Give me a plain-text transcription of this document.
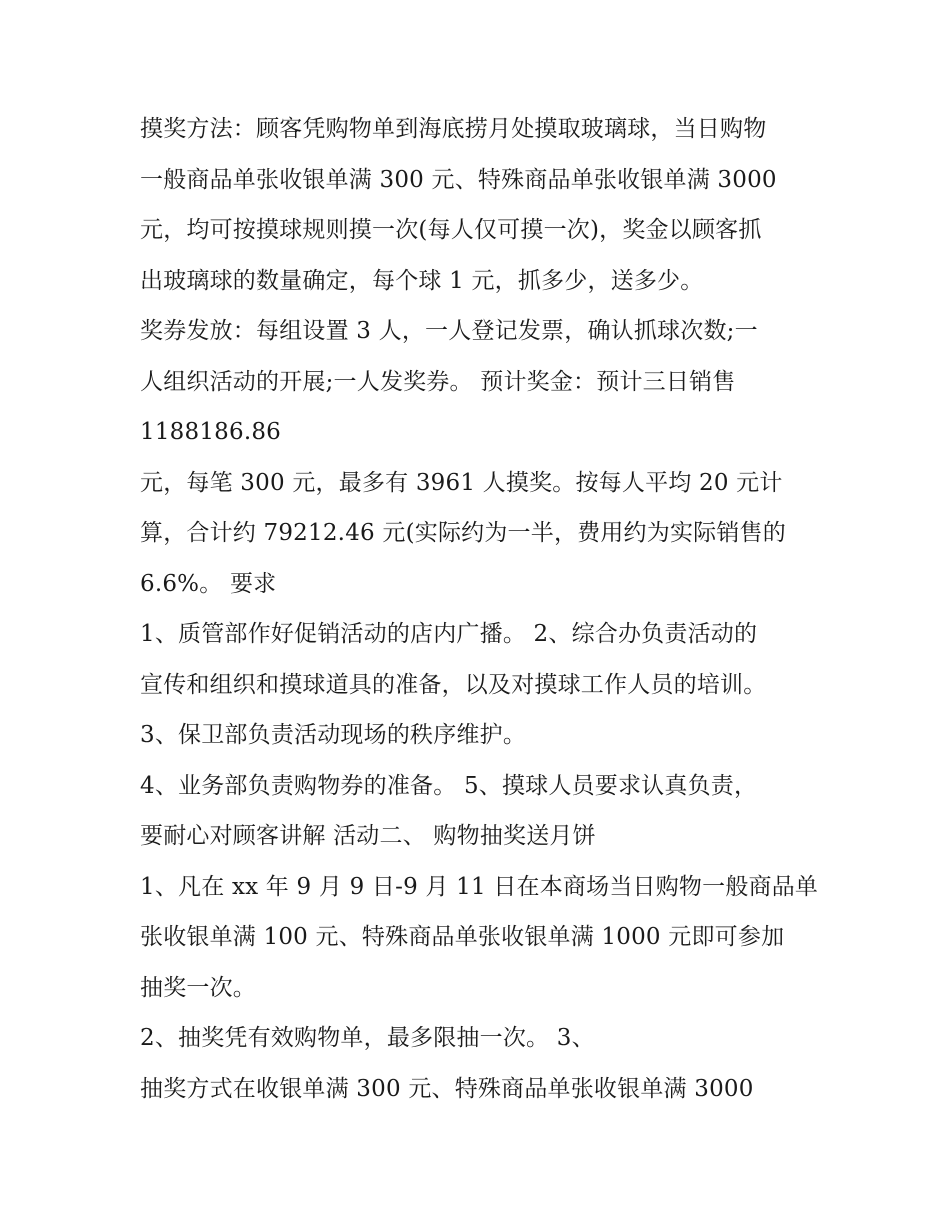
摸奖方法：顾客凭购物单到海底捞月处摸取玻璃球，当日购物
一般商品单张收银单满 300 元、特殊商品单张收银单满 3000
元，均可按摸球规则摸一次(每人仅可摸一次)，奖金以顾客抓
出玻璃球的数量确定，每个球 1 元，抓多少，送多少。
奖券发放：每组设置 3 人，一人登记发票，确认抓球次数;一
人组织活动的开展;一人发奖券。 预计奖金：预计三日销售
1188186.86
元，每笔 300 元，最多有 3961 人摸奖。按每人平均 20 元计
算，合计约 79212.46 元(实际约为一半，费用约为实际销售的
6.6%。 要求
1、质管部作好促销活动的店内广播。 2、综合办负责活动的
宣传和组织和摸球道具的准备，以及对摸球工作人员的培训。
3、保卫部负责活动现场的秩序维护。
4、业务部负责购物券的准备。 5、摸球人员要求认真负责，
要耐心对顾客讲解 活动二、 购物抽奖送月饼
1、凡在 xx 年 9 月 9 日-9 月 11 日在本商场当日购物一般商品单
张收银单满 100 元、特殊商品单张收银单满 1000 元即可参加
抽奖一次。
2、抽奖凭有效购物单，最多限抽一次。 3、
抽奖方式在收银单满 300 元、特殊商品单张收银单满 3000
